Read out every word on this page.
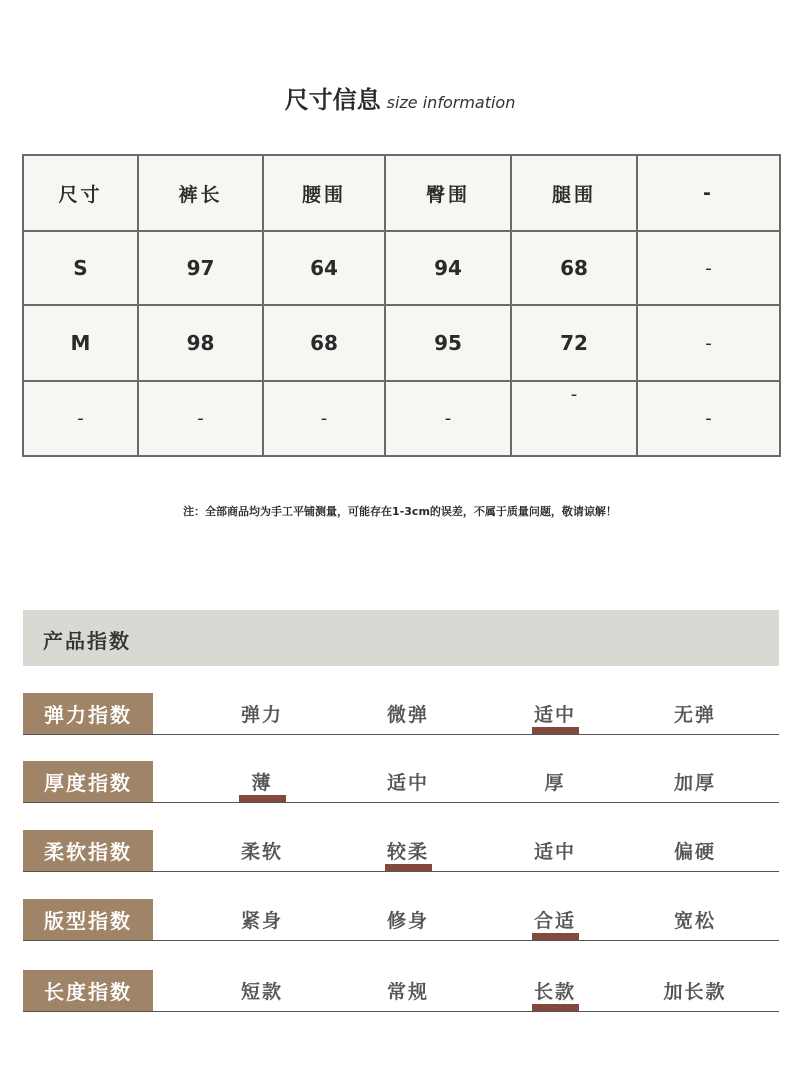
尺寸信息 size information
尺寸	裤长	腰围	臀围	腿围	-
S	97	64	94	68	-
M	98	68	95	72	-
-	-	-	-	-	-
注：全部商品均为手工平铺测量，可能存在1-3cm的误差，不属于质量问题，敬请谅解！
产品指数
弹力指数	弹力	微弹	适中	无弹
厚度指数	薄	适中	厚	加厚
柔软指数	柔软	较柔	适中	偏硬
版型指数	紧身	修身	合适	宽松
长度指数	短款	常规	长款	加长款
